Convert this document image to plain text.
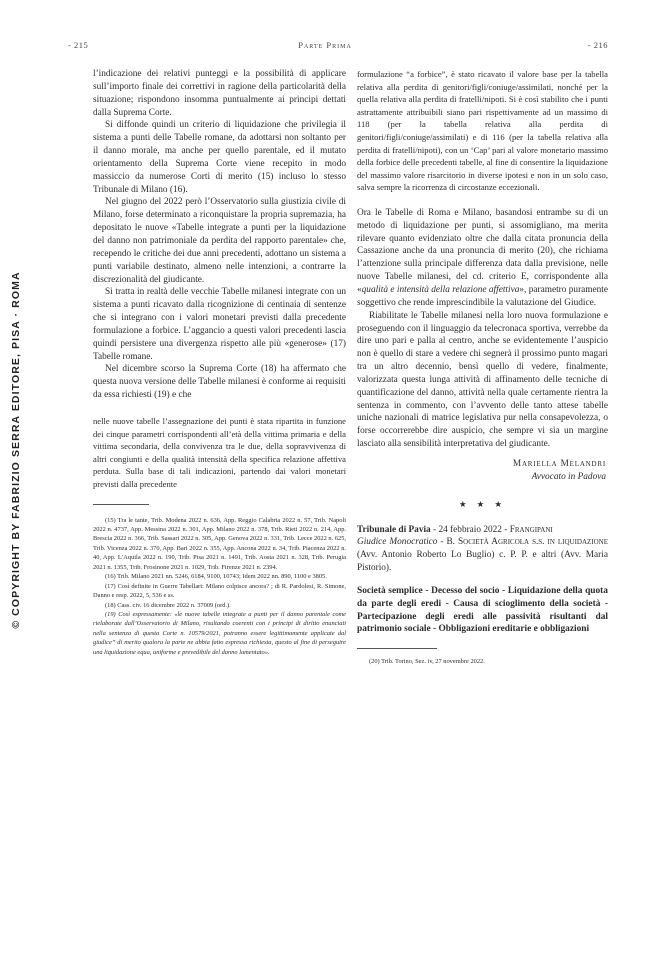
© COPYRIGHT BY FABRIZIO SERRA EDITORE, PISA · ROMA
- 215	Parte Prima	- 216

l’indicazione dei relativi punteggi e la possibilità di applicare sull’importo finale dei correttivi in ragione della particolarità della situazione; rispondono insomma puntualmente ai principi dettati dalla Suprema Corte.

Si diffonde quindi un criterio di liquidazione che privilegia il sistema a punti delle Tabelle romane, da adottarsi non soltanto per il danno morale, ma anche per quello parentale, ed il mutato orientamento della Suprema Corte viene recepito in modo massiccio da numerose Corti di merito (15) incluso lo stesso Tribunale di Milano (16).

Nel giugno del 2022 però l’Osservatorio sulla giustizia civile di Milano, forse determinato a riconquistare la propria supremazia, ha depositato le nuove «Tabelle integrate a punti per la liquidazione del danno non patrimoniale da perdita del rapporto parentale» che, recependo le critiche dei due anni precedenti, adottano un sistema a punti variabile destinato, almeno nelle intenzioni, a contrarre la discrezionalità del giudicante.

Si tratta in realtà delle vecchie Tabelle milanesi integrate con un sistema a punti ricavato dalla ricognizione di centinaia di sentenze che si integrano con i valori monetari previsti dalla precedente formulazione a forbice. L’aggancio a questi valori precedenti lascia quindi persistere una divergenza rispetto alle più «generose» (17) Tabelle romane.

Nel dicembre scorso la Suprema Corte (18) ha affermato che questa nuova versione delle Tabelle milanesi è conforme ai requisiti da essa richiesti (19) e che

nelle nuove tabelle l’assegnazione dei punti è stata ripartita in funzione dei cinque parametri corrispondenti all’età della vittima primaria e della vittima secondaria, della convivenza tra le due, della sopravvivenza di altri congiunti e della qualità intensità della specifica relazione affettiva perduta. Sulla base di tali indicazioni, partendo dai valori monetari previsti dalla precedente

(15) Tra le tante, Trib. Modena 2022 n. 636, App. Reggio Calabria 2022 n. 57, Trib. Napoli 2022 n. 4737, App. Messina 2022 n. 301, App. Milano 2022 n. 378, Trib. Rieti 2022 n. 214, App. Brescia 2022 n. 366, Trib. Sassari 2022 n. 305, App. Genova 2022 n. 331, Trib. Lecce 2022 n. 625, Trib. Vicenza 2022 n. 370, App. Bari 2022 n. 355, App. Ancona 2022 n. 34, Trib. Piacenza 2022 n. 40, App. L’Aquila 2022 n. 190, Trib. Pisa 2021 n. 1491, Trib. Aosta 2021 n. 328, Trib. Perugia 2021 n. 1355, Trib. Frosinone 2021 n. 1029, Trib. Firenze 2021 n. 2394.

(16) Trib. Milano 2021 nn. 5246, 6184, 9100, 10743; Idem 2022 nn. 890, 1100 e 3805.

(17) Così definite in Guerre Tabellari: Milano colpisce ancora? ; di R. Pardolesi, R. Simone, Danno e resp. 2022, 5, 536 e ss.

(18) Cass. civ. 16 dicembre 2022 n. 37009 (ord.).

(19) Così espressamente: «le nuove tabelle integrate a punti per il danno parentale come rielaborate dall’Osservatorio di Milano, risultando coerenti con i principi di diritto enunciati nella sentenza di questa Corte n. 10579/2021, potranno essere legittimamente applicate dal giudice” di merito qualora la parte ne abbia fatto espressa richiesta, questo al fine di perseguire una liquidazione equa, uniforme e prevedibile del danno lamentato».

formulazione “a forbice”, è stato ricavato il valore base per la tabella relativa alla perdita di genitori/figli/coniuge/assimilati, nonché per la quella relativa alla perdita di fratelli/nipoti. Si è così stabilito che i punti astrattamente attribuibili siano pari rispettivamente ad un massimo di 118 (per la tabella relativa alla perdita di genitori/figli/coniuge/assimilati) e di 116 (per la tabella relativa alla perdita di fratelli/nipoti), con un ‘Cap’ pari al valore monetario massimo della forbice delle precedenti tabelle, al fine di consentire la liquidazione del massimo valore risarcitorio in diverse ipotesi e non in un solo caso, salva sempre la ricorrenza di circostanze eccezionali.

Ora le Tabelle di Roma e Milano, basandosi entrambe su di un metodo di liquidazione per punti, si assomigliano, ma merita rilevare quanto evidenziato oltre che dalla citata pronuncia della Cassazione anche da una pronuncia di merito (20), che richiama l’attenzione sulla principale differenza data dalla previsione, nelle nuove Tabelle milanesi, del cd. criterio E, corrispondente alla «qualità e intensità della relazione affettiva», parametro puramente soggettivo che rende imprescindibile la valutazione del Giudice.

Riabilitate le Tabelle milanesi nella loro nuova formulazione e proseguendo con il linguaggio da telecronaca sportiva, verrebbe da dire uno pari e palla al centro, anche se evidentemente l’auspicio non è quello di stare a vedere chi segnerà il prossimo punto magari tra un altro decennio, bensì quello di vedere, finalmente, valorizzata questa lunga attività di affinamento delle tecniche di quantificazione del danno, attività nella quale certamente rientra la sentenza in commento, con l’avvento delle tanto attese tabelle uniche nazionali di matrice legislativa pur nella consapevolezza, o forse occorrerebbe dire auspicio, che sempre vi sia un margine lasciato alla sensibilità interpretativa del giudicante.

Mariella Melandri
Avvocato in Padova
★ ★ ★

Tribunale di Pavia - 24 febbraio 2022 - Frangipani
Giudice Monocratico - B. Società Agricola s.s. in liquidazione (Avv. Antonio Roberto Lo Buglio) c. P. P. e altri (Avv. Maria Pistorio).

Società semplice - Decesso del socio - Liquidazione della quota da parte degli eredi - Causa di scioglimento della società - Partecipazione degli eredi alle passività risultanti dal patrimonio sociale - Obbligazioni ereditarie e obbligazioni

(20) Trib. Torino, Sez. iv, 27 novembre 2022.
